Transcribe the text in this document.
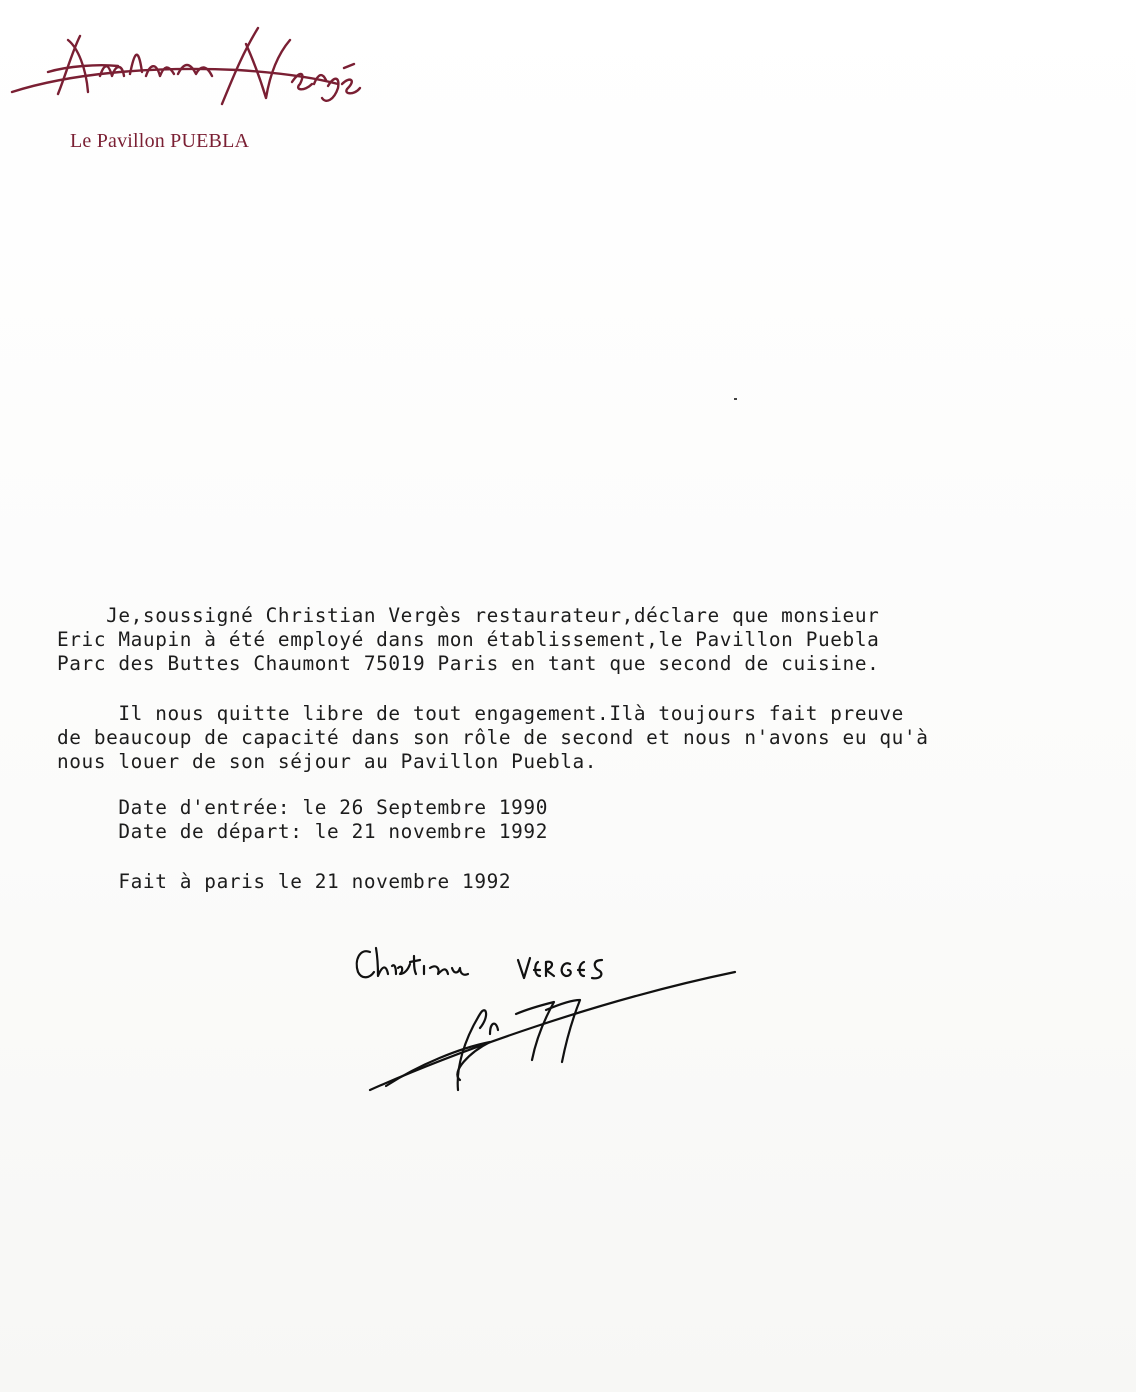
Le Pavillon PUEBLA
Je,soussigné Christian Vergès restaurateur,déclare que monsieur
Eric Maupin à été employé dans mon établissement,le Pavillon Puebla
Parc des Buttes Chaumont 75019 Paris en tant que second de cuisine.
Il nous quitte libre de tout engagement.Ilà toujours fait preuve
de beaucoup de capacité dans son rôle de second et nous n'avons eu qu'à
nous louer de son séjour au Pavillon Puebla.
Date d'entrée: le 26 Septembre 1990
Date de départ: le 21 novembre 1992
Fait à paris le 21 novembre 1992
